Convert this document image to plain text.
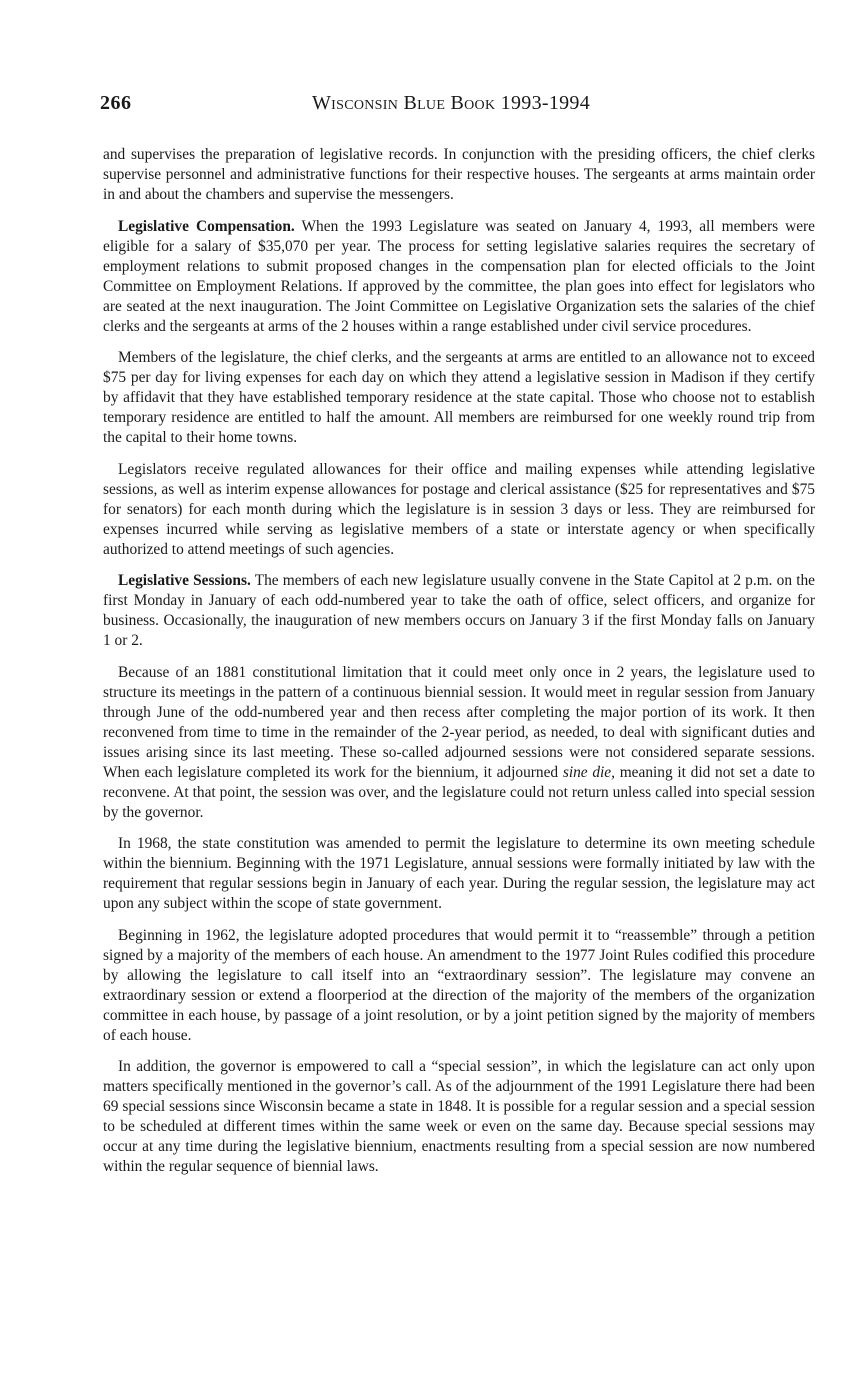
266	Wisconsin Blue Book 1993-1994

and supervises the preparation of legislative records. In conjunction with the presiding officers, the chief clerks supervise personnel and administrative functions for their respective houses. The sergeants at arms maintain order in and about the chambers and supervise the messengers.

Legislative Compensation. When the 1993 Legislature was seated on January 4, 1993, all members were eligible for a salary of $35,070 per year. The process for setting legislative salaries requires the secretary of employment relations to submit proposed changes in the compensation plan for elected officials to the Joint Committee on Employment Relations. If approved by the committee, the plan goes into effect for legislators who are seated at the next inauguration. The Joint Committee on Legislative Organization sets the salaries of the chief clerks and the sergeants at arms of the 2 houses within a range established under civil service procedures.

Members of the legislature, the chief clerks, and the sergeants at arms are entitled to an allowance not to exceed $75 per day for living expenses for each day on which they attend a legislative session in Madison if they certify by affidavit that they have established temporary residence at the state capital. Those who choose not to establish temporary residence are entitled to half the amount. All members are reimbursed for one weekly round trip from the capital to their home towns.

Legislators receive regulated allowances for their office and mailing expenses while attending legislative sessions, as well as interim expense allowances for postage and clerical assistance ($25 for representatives and $75 for senators) for each month during which the legislature is in session 3 days or less. They are reimbursed for expenses incurred while serving as legislative members of a state or interstate agency or when specifically authorized to attend meetings of such agencies.

Legislative Sessions. The members of each new legislature usually convene in the State Capitol at 2 p.m. on the first Monday in January of each odd-numbered year to take the oath of office, select officers, and organize for business. Occasionally, the inauguration of new members occurs on January 3 if the first Monday falls on January 1 or 2.

Because of an 1881 constitutional limitation that it could meet only once in 2 years, the legislature used to structure its meetings in the pattern of a continuous biennial session. It would meet in regular session from January through June of the odd-numbered year and then recess after completing the major portion of its work. It then reconvened from time to time in the remainder of the 2-year period, as needed, to deal with significant duties and issues arising since its last meeting. These so-called adjourned sessions were not considered separate sessions. When each legislature completed its work for the biennium, it adjourned sine die, meaning it did not set a date to reconvene. At that point, the session was over, and the legislature could not return unless called into special session by the governor.

In 1968, the state constitution was amended to permit the legislature to determine its own meeting schedule within the biennium. Beginning with the 1971 Legislature, annual sessions were formally initiated by law with the requirement that regular sessions begin in January of each year. During the regular session, the legislature may act upon any subject within the scope of state government.

Beginning in 1962, the legislature adopted procedures that would permit it to “reassemble” through a petition signed by a majority of the members of each house. An amendment to the 1977 Joint Rules codified this procedure by allowing the legislature to call itself into an “extraordinary session”. The legislature may convene an extraordinary session or extend a floorperiod at the direction of the majority of the members of the organization committee in each house, by passage of a joint resolution, or by a joint petition signed by the majority of members of each house.

In addition, the governor is empowered to call a “special session”, in which the legislature can act only upon matters specifically mentioned in the governor’s call. As of the adjournment of the 1991 Legislature there had been 69 special sessions since Wisconsin became a state in 1848. It is possible for a regular session and a special session to be scheduled at different times within the same week or even on the same day. Because special sessions may occur at any time during the legislative biennium, enactments resulting from a special session are now numbered within the regular sequence of biennial laws.
